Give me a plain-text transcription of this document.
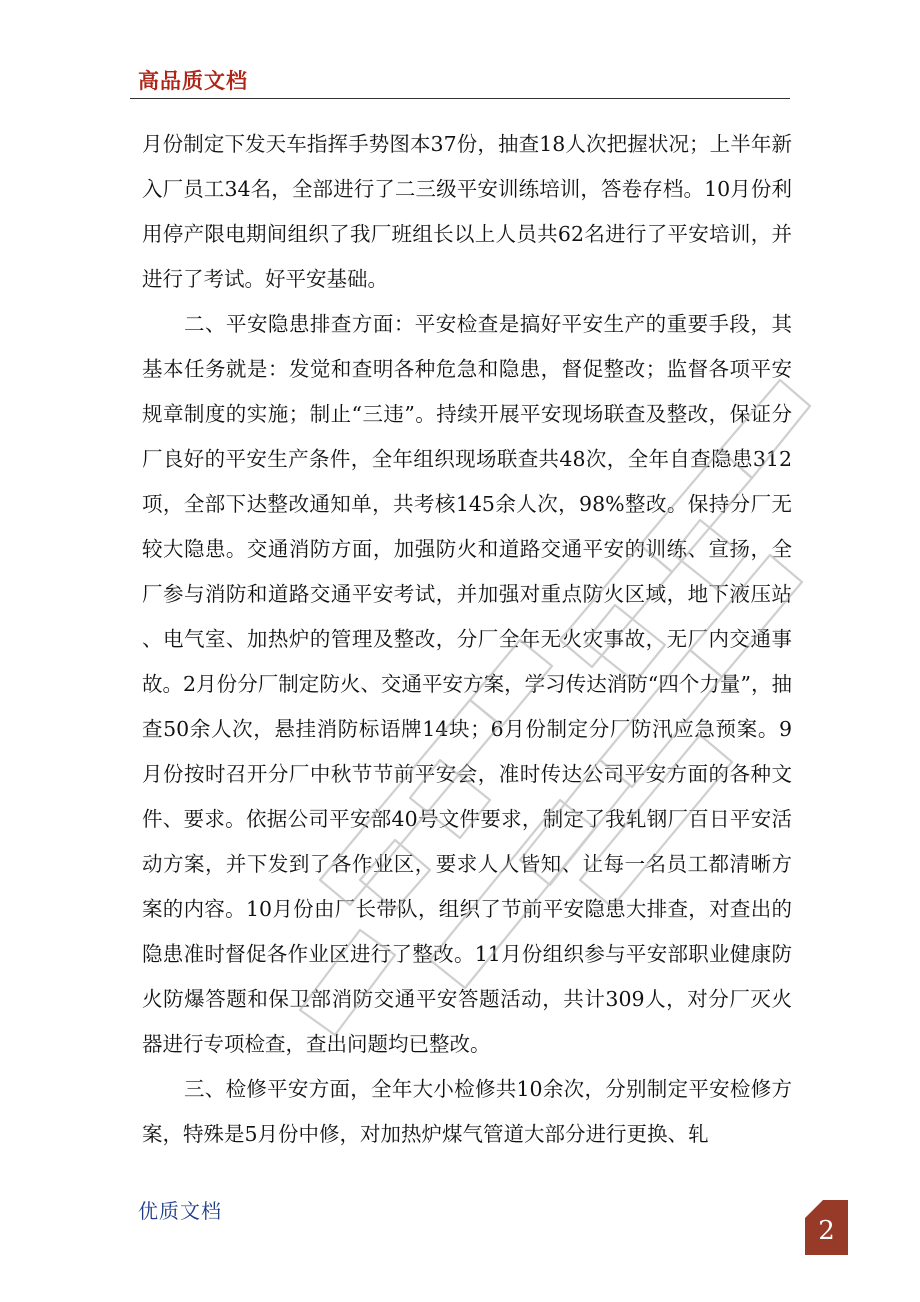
高品质文档

月份制定下发天车指挥手势图本37份，抽查18人次把握状况；上半年新入厂员工34名，全部进行了二三级平安训练培训，答卷存档。10月份利用停产限电期间组织了我厂班组长以上人员共62名进行了平安培训，并进行了考试。好平安基础。

二、平安隐患排查方面：平安检查是搞好平安生产的重要手段，其基本任务就是：发觉和查明各种危急和隐患，督促整改；监督各项平安规章制度的实施；制止“三违”。持续开展平安现场联查及整改，保证分厂良好的平安生产条件，全年组织现场联查共48次，全年自查隐患312项，全部下达整改通知单，共考核145余人次，98%整改。保持分厂无较大隐患。交通消防方面，加强防火和道路交通平安的训练、宣扬，全厂参与消防和道路交通平安考试，并加强对重点防火区域，地下液压站、电气室、加热炉的管理及整改，分厂全年无火灾事故，无厂内交通事故。2月份分厂制定防火、交通平安方案，学习传达消防“四个力量”，抽查50余人次，悬挂消防标语牌14块；6月份制定分厂防汛应急预案。9月份按时召开分厂中秋节节前平安会，准时传达公司平安方面的各种文件、要求。依据公司平安部40号文件要求，制定了我轧钢厂百日平安活动方案，并下发到了各作业区，要求人人皆知、让每一名员工都清晰方案的内容。10月份由厂长带队，组织了节前平安隐患大排查，对查出的隐患准时督促各作业区进行了整改。11月份组织参与平安部职业健康防火防爆答题和保卫部消防交通平安答题活动，共计309人，对分厂灭火器进行专项检查，查出问题均已整改。

三、检修平安方面，全年大小检修共10余次，分别制定平安检修方案，特殊是5月份中修，对加热炉煤气管道大部分进行更换、轧

优质文档
2
